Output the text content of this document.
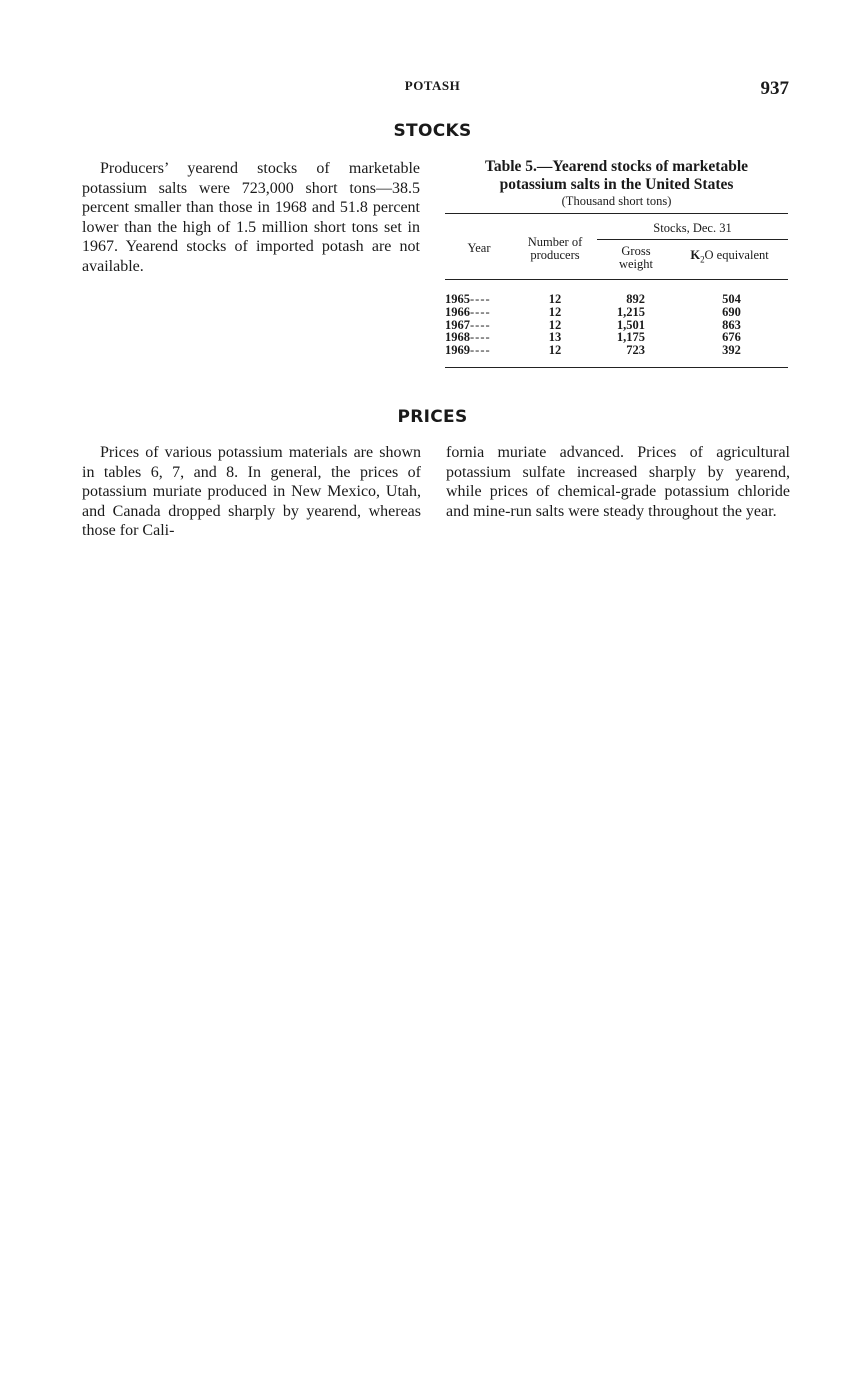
POTASH	937
STOCKS

Producers’ yearend stocks of marketable potassium salts were 723,000 short tons—38.5 percent smaller than those in 1968 and 51.8 percent lower than the high of 1.5 million short tons set in 1967. Yearend stocks of imported potash are not available.

Table 5.—Yearend stocks of marketable
potassium salts in the United States
(Thousand short tons)
Year	Number of producers	Stocks, Dec. 31	
		Gross weight	$K_2O$ equivalent
1965----	12	892	504
1966----	12	1,215	690
1967----	12	1,501	863
1968----	13	1,175	676
1969----	12	723	392
PRICES

Prices of various potassium materials are shown in tables 6, 7, and 8. In general, the prices of potassium muriate produced in New Mexico, Utah, and Canada dropped sharply by yearend, whereas those for Cali-

fornia muriate advanced. Prices of agricultural potassium sulfate increased sharply by yearend, while prices of chemical-grade potassium chloride and mine-run salts were steady throughout the year.
